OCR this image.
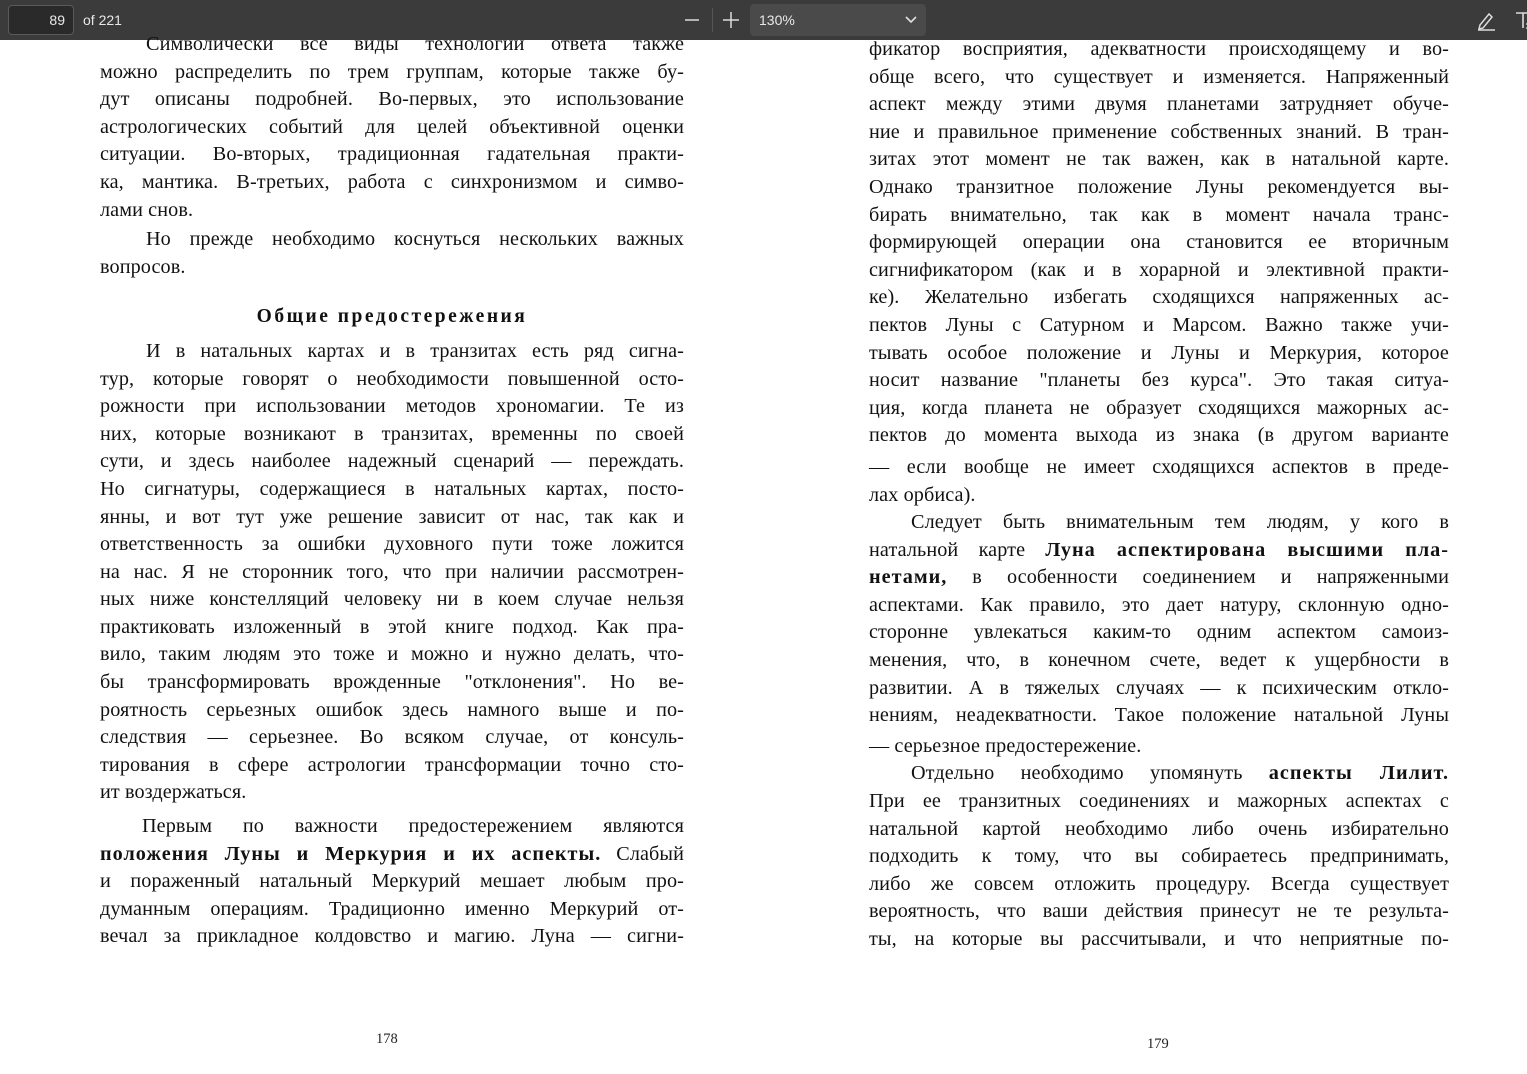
89
of 221	130%
Символически все виды технологии ответа также
можно распределить по трем группам, которые также бу-
дут описаны подробней. Во-первых, это использование
астрологических событий для целей объективной оценки
ситуации. Во-вторых, традиционная гадательная практи-
ка, мантика. В-третьих, работа с синхронизмом и симво-
лами снов.
Но прежде необходимо коснуться нескольких важных
вопросов.
Общие предостережения
И в натальных картах и в транзитах есть ряд сигна-
тур, которые говорят о необходимости повышенной осто-
рожности при использовании методов хрономагии. Те из
них, которые возникают в транзитах, временны по своей
сути, и здесь наиболее надежный сценарий — переждать.
Но сигнатуры, содержащиеся в натальных картах, посто-
янны, и вот тут уже решение зависит от нас, так как и
ответственность за ошибки духовного пути тоже ложится
на нас. Я не сторонник того, что при наличии рассмотрен-
ных ниже констелляций человеку ни в коем случае нельзя
практиковать изложенный в этой книге подход. Как пра-
вило, таким людям это тоже и можно и нужно делать, что-
бы трансформировать врожденные "отклонения". Но ве-
роятность серьезных ошибок здесь намного выше и по-
следствия — серьезнее. Во всяком случае, от консуль-
тирования в сфере астрологии трансформации точно сто-
ит воздержаться.
Первым по важности предостережением являются
положения Луны и Меркурия и их аспекты. Слабый
и пораженный натальный Меркурий мешает любым про-
думанным операциям. Традиционно именно Меркурий от-
вечал за прикладное колдовство и магию. Луна — сигни-
178
фикатор восприятия, адекватности происходящему и во-
обще всего, что существует и изменяется. Напряженный
аспект между этими двумя планетами затрудняет обуче-
ние и правильное применение собственных знаний. В тран-
зитах этот момент не так важен, как в натальной карте.
Однако транзитное положение Луны рекомендуется вы-
бирать внимательно, так как в момент начала транс-
формирующей операции она становится ее вторичным
сигнификатором (как и в хорарной и элективной практи-
ке). Желательно избегать сходящихся напряженных ас-
пектов Луны с Сатурном и Марсом. Важно также учи-
тывать особое положение и Луны и Меркурия, которое
носит название "планеты без курса". Это такая ситуа-
ция, когда планета не образует сходящихся мажорных ас-
пектов до момента выхода из знака (в другом варианте
— если вообще не имеет сходящихся аспектов в преде-
лах орбиса).
Следует быть внимательным тем людям, у кого в
натальной карте Луна аспектирована высшими пла-
нетами, в особенности соединением и напряженными
аспектами. Как правило, это дает натуру, склонную одно-
сторонне увлекаться каким-то одним аспектом самоиз-
менения, что, в конечном счете, ведет к ущербности в
развитии. А в тяжелых случаях — к психическим откло-
нениям, неадекватности. Такое положение натальной Луны
— серьезное предостережение.
Отдельно необходимо упомянуть аспекты Лилит.
При ее транзитных соединениях и мажорных аспектах с
натальной картой необходимо либо очень избирательно
подходить к тому, что вы собираетесь предпринимать,
либо же совсем отложить процедуру. Всегда существует
вероятность, что ваши действия принесут не те результа-
ты, на которые вы рассчитывали, и что неприятные по-
179
